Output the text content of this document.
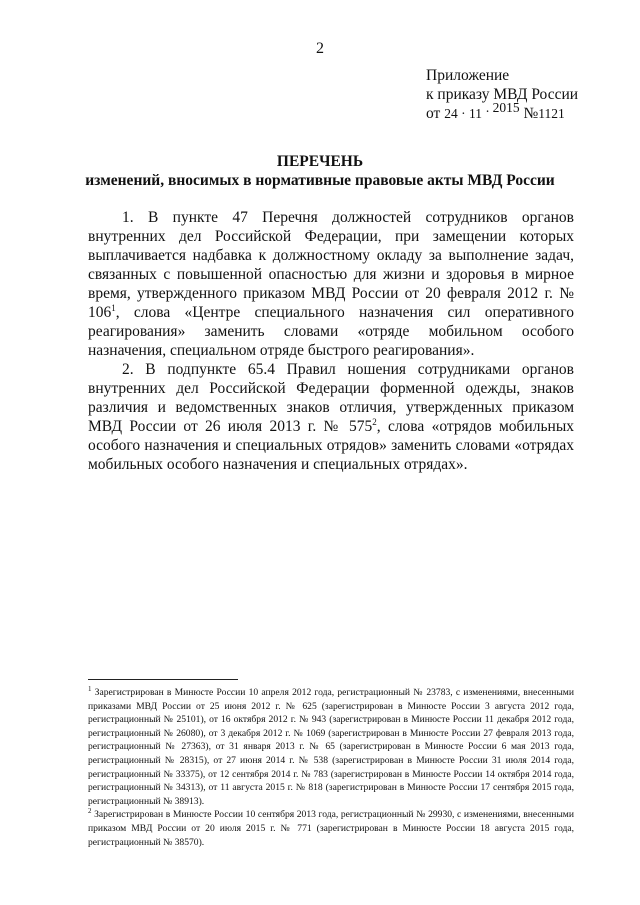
2
Приложение
к приказу МВД России
от 24 · 11 . 2015 №1121
ПЕРЕЧЕНЬ
изменений, вносимых в нормативные правовые акты МВД России

1. В пункте 47 Перечня должностей сотрудников органов внутренних дел Российской Федерации, при замещении которых выплачивается надбавка к должностному окладу за выполнение задач, связанных с повышенной опасностью для жизни и здоровья в мирное время, утвержденного приказом МВД России от 20 февраля 2012 г. № $106^1$, слова «Центре специального назначения сил оперативного реагирования» заменить словами «отряде мобильном особого назначения, специальном отряде быстрого реагирования».

2. В подпункте 65.4 Правил ношения сотрудниками органов внутренних дел Российской Федерации форменной одежды, знаков различия и ведомственных знаков отличия, утвержденных приказом МВД России от 26 июля 2013 г. № $575^2$, слова «отрядов мобильных особого назначения и специальных отрядов» заменить словами «отрядах мобильных особого назначения и специальных отрядах».

$^1$ Зарегистрирован в Минюсте России 10 апреля 2012 года, регистрационный № 23783, с изменениями, внесенными приказами МВД России от 25 июня 2012 г. № 625 (зарегистрирован в Минюсте России 3 августа 2012 года, регистрационный № 25101), от 16 октября 2012 г. № 943 (зарегистрирован в Минюсте России 11 декабря 2012 года, регистрационный № 26080), от 3 декабря 2012 г. № 1069 (зарегистрирован в Минюсте России 27 февраля 2013 года, регистрационный № 27363), от 31 января 2013 г. № 65 (зарегистрирован в Минюсте России 6 мая 2013 года, регистрационный № 28315), от 27 июня 2014 г. № 538 (зарегистрирован в Минюсте России 31 июля 2014 года, регистрационный № 33375), от 12 сентября 2014 г. № 783 (зарегистрирован в Минюсте России 14 октября 2014 года, регистрационный № 34313), от 11 августа 2015 г. № 818 (зарегистрирован в Минюсте России 17 сентября 2015 года, регистрационный № 38913).

$^2$ Зарегистрирован в Минюсте России 10 сентября 2013 года, регистрационный № 29930, с изменениями, внесенными приказом МВД России от 20 июля 2015 г. № 771 (зарегистрирован в Минюсте России 18 августа 2015 года, регистрационный № 38570).
